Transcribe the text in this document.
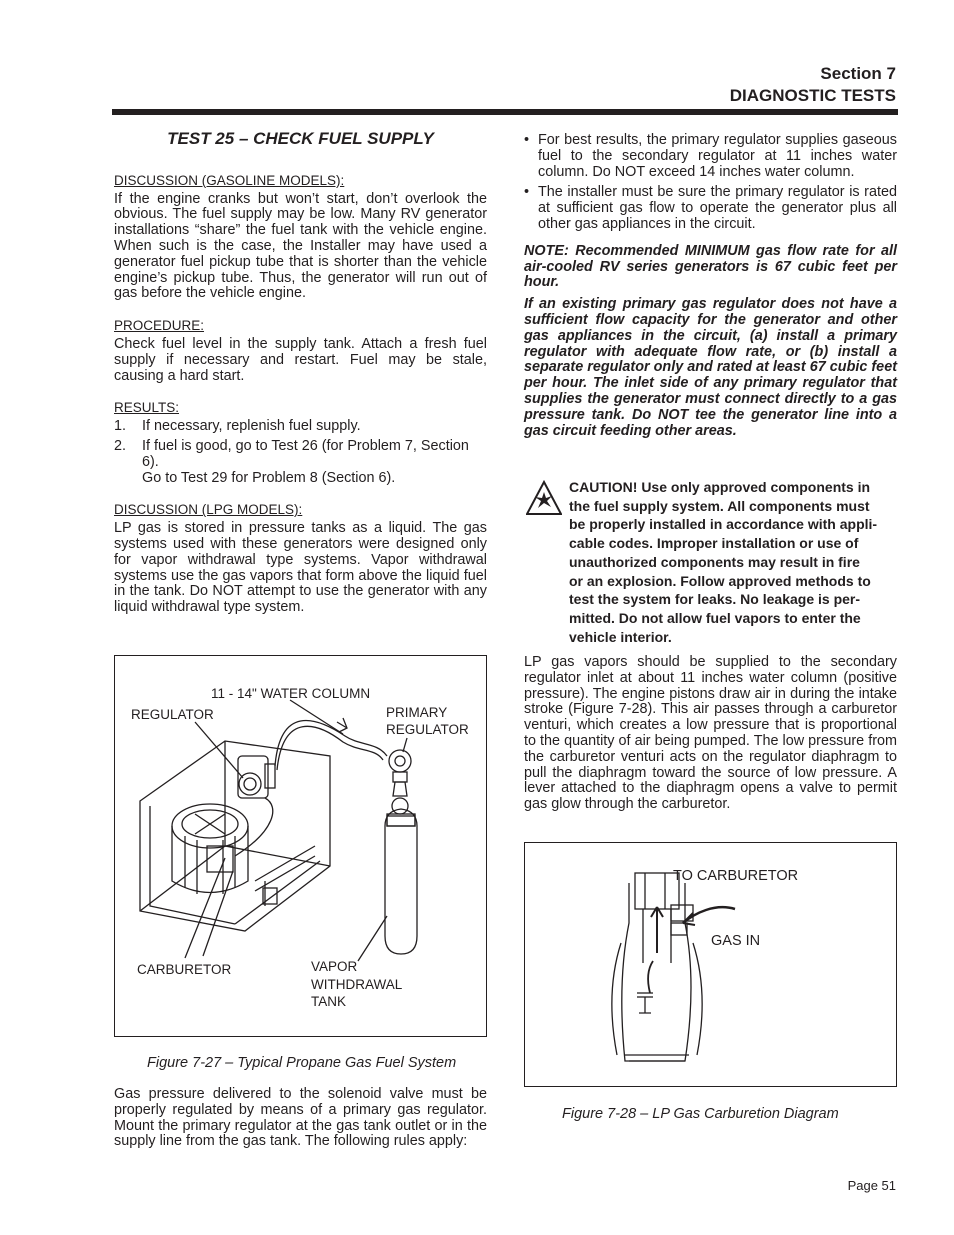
Section 7
DIAGNOSTIC TESTS
TEST 25 – CHECK FUEL SUPPLY
DISCUSSION (GASOLINE MODELS):

If the engine cranks but won’t start, don’t overlook the obvious. The fuel supply may be low. Many RV generator installations “share” the fuel tank with the vehicle engine. When such is the case, the Installer may have used a generator fuel pickup tube that is shorter than the vehicle engine’s pickup tube. Thus, the generator will run out of gas before the vehicle engine.

PROCEDURE:

Check fuel level in the supply tank. Attach a fresh fuel supply if necessary and restart. Fuel may be stale, causing a hard start.

RESULTS:
1.	If necessary, replenish fuel supply.
2.	If fuel is good, go to Test 26 (for Problem 7, Section 6).
Go to Test 29 for Problem 8 (Section 6).
DISCUSSION (LPG MODELS):

LP gas is stored in pressure tanks as a liquid. The gas systems used with these generators were designed only for vapor withdrawal type systems. Vapor withdrawal systems use the gas vapors that form above the liquid fuel in the tank. Do NOT attempt to use the generator with any liquid withdrawal type system.

11 - 14" WATER COLUMN
REGULATOR	PRIMARY
REGULATOR
CARBURETOR	VAPOR
WITHDRAWAL
TANK
Figure 7-27 – Typical Propane Gas Fuel System

Gas pressure delivered to the solenoid valve must be properly regulated by means of a primary gas regulator. Mount the primary regulator at the gas tank outlet or in the supply line from the gas tank. The following rules apply:

• For best results, the primary regulator supplies gaseous fuel to the secondary regulator at 11 inches water column. Do NOT exceed 14 inches water column.

• The installer must be sure the primary regulator is rated at sufficient gas flow to operate the generator plus all other gas appliances in the circuit.

NOTE: Recommended MINIMUM gas flow rate for all air-cooled RV series generators is 67 cubic feet per hour.

If an existing primary gas regulator does not have a sufficient flow capacity for the generator and other gas appliances in the circuit, (a) install a primary regulator with adequate flow rate, or (b) install a separate regulator only and rated at least 67 cubic feet per hour. The inlet side of any primary regulator that supplies the generator must connect directly to a gas pressure tank. Do NOT tee the generator line into a gas circuit feeding other areas.

CAUTION! Use only approved components in
the fuel supply system. All components must
be properly installed in accordance with appli-
cable codes. Improper installation or use of
unauthorized components may result in fire
or an explosion. Follow approved methods to
test the system for leaks. No leakage is per-
mitted. Do not allow fuel vapors to enter the
vehicle interior.

LP gas vapors should be supplied to the secondary regulator inlet at about 11 inches water column (positive pressure). The engine pistons draw air in during the intake stroke (Figure 7-28). This air passes through a carburetor venturi, which creates a low pressure that is proportional to the quantity of air being pumped. The low pressure from the carburetor venturi acts on the regulator diaphragm to pull the diaphragm toward the source of low pressure. A lever attached to the diaphragm opens a valve to permit gas glow through the carburetor.

TO CARBURETOR
GAS IN
Figure 7-28 – LP Gas Carburetion Diagram
Page 51
